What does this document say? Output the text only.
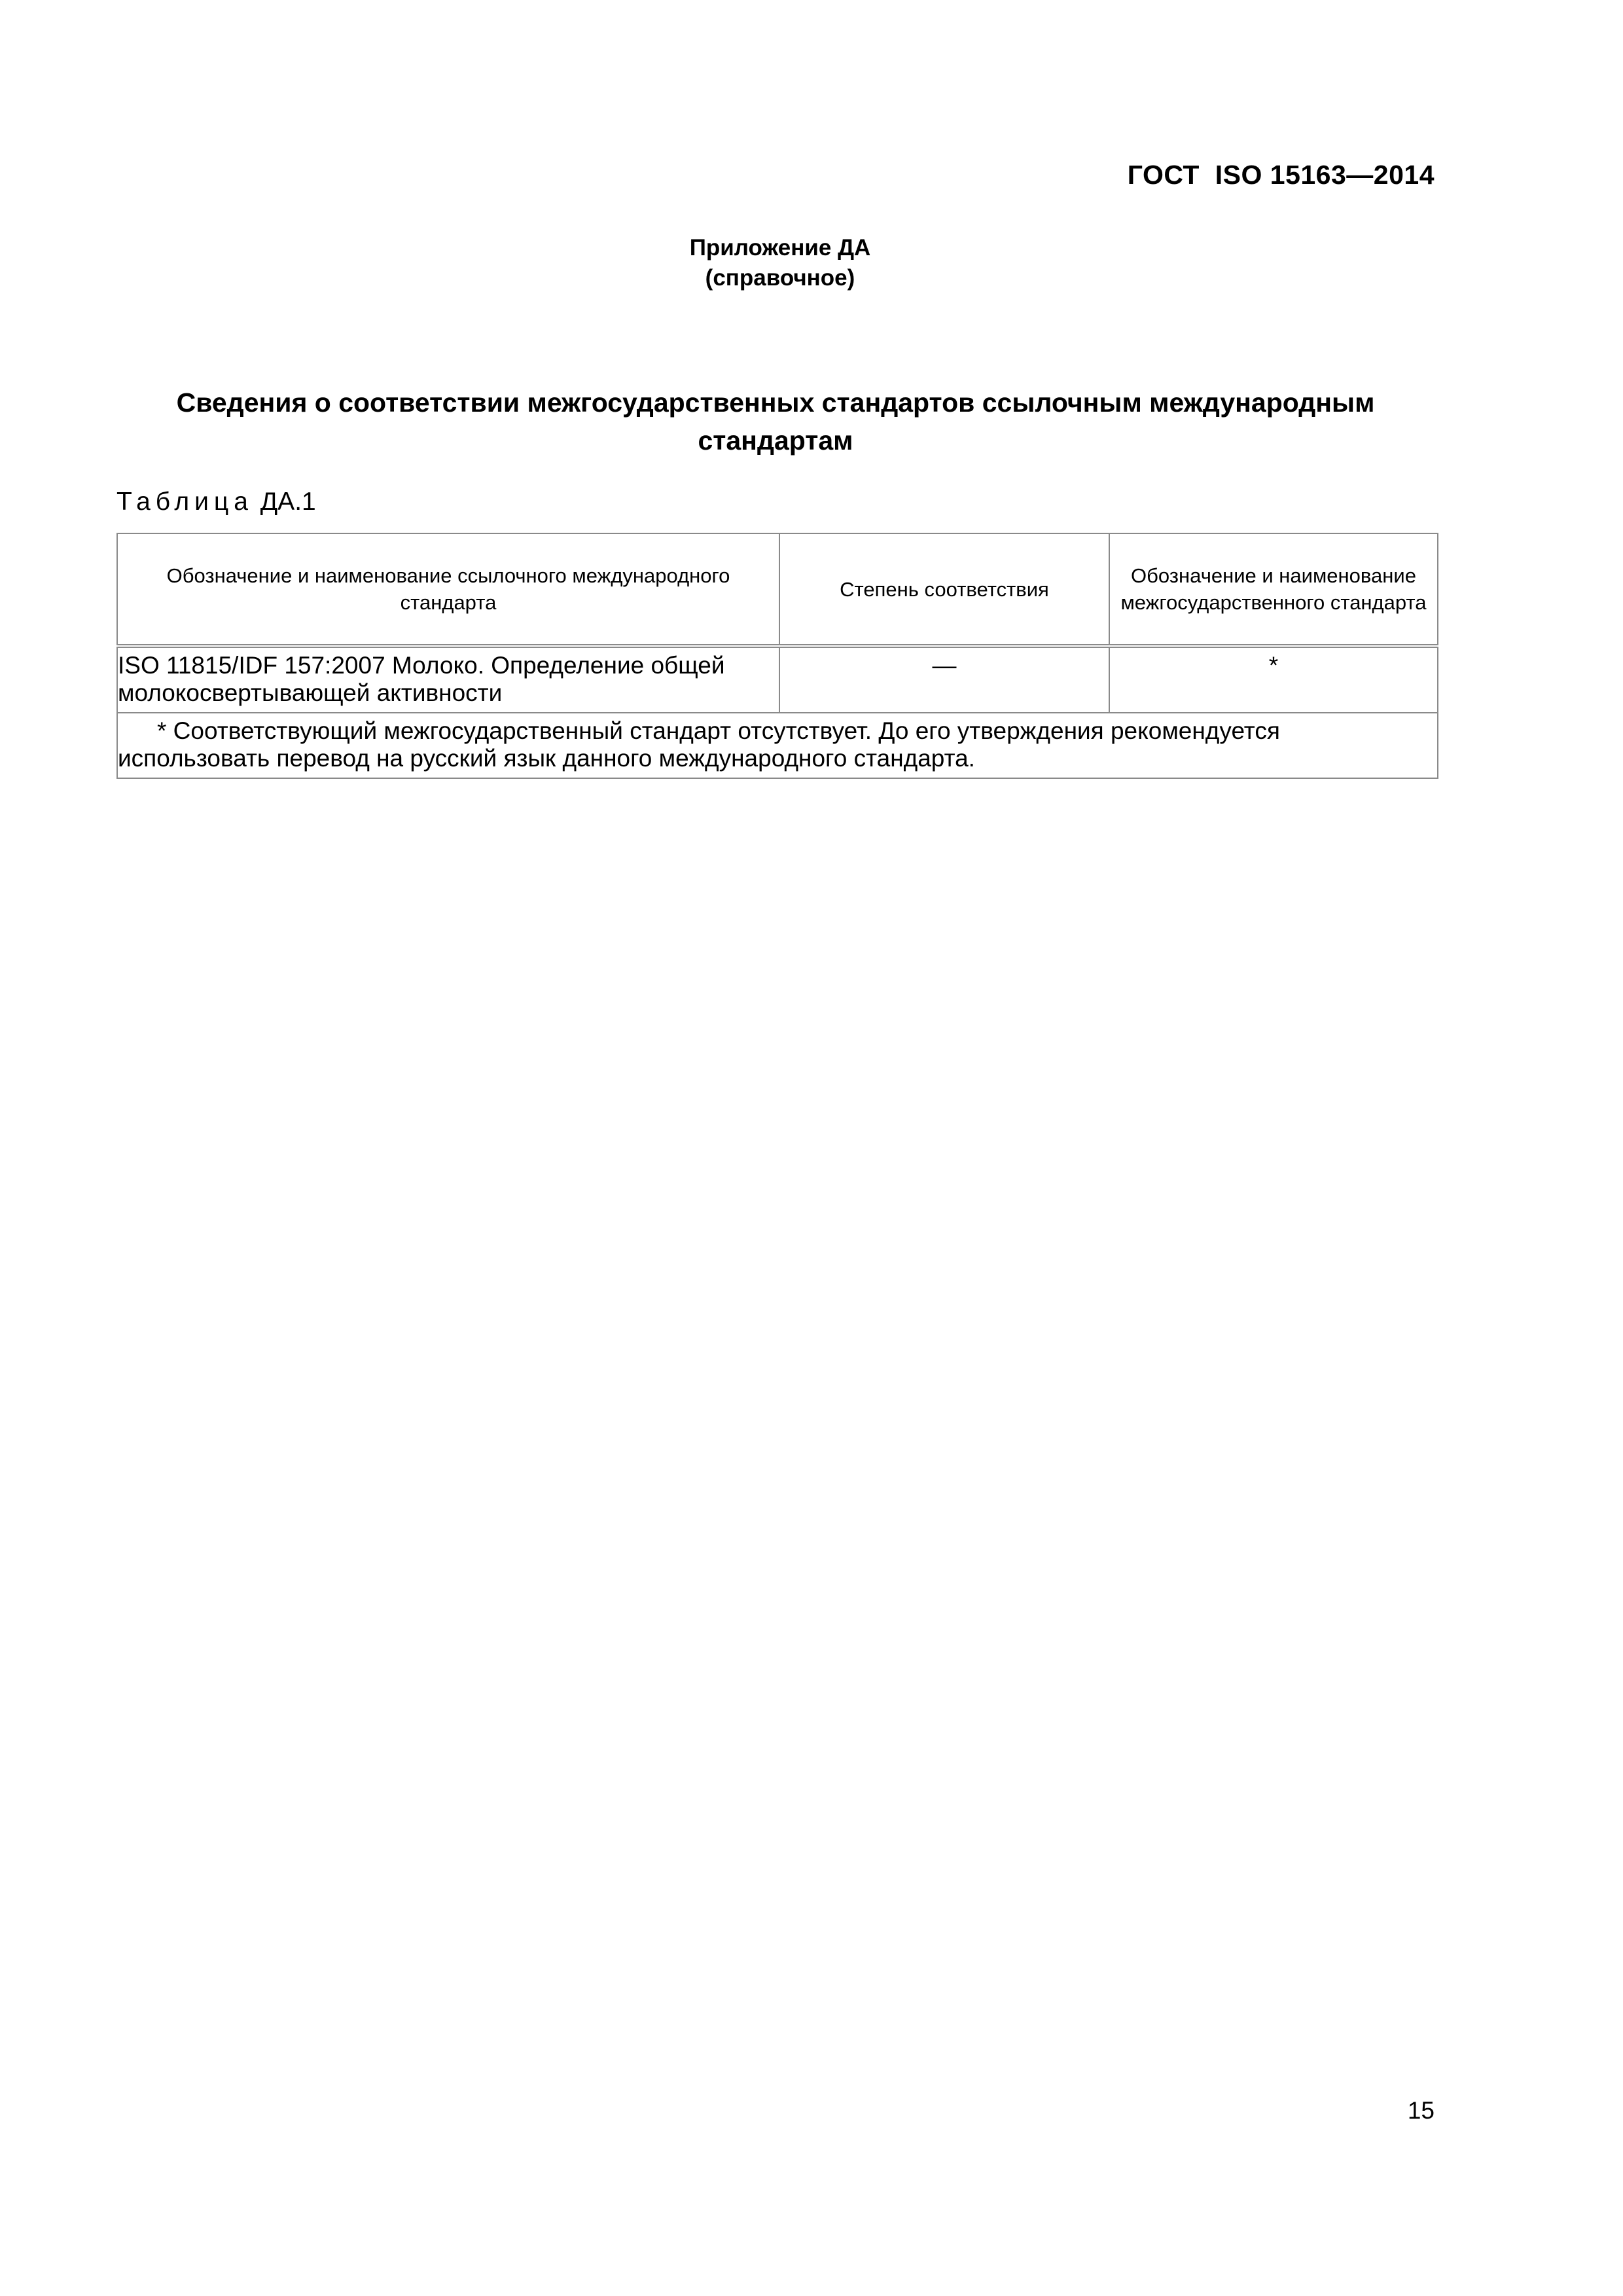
ГОСТ  ISO 15163—2014
Приложение ДА
(справочное)
Сведения о соответствии межгосударственных стандартов ссылочным международным стандартам
Таблица ДА.1
Обозначение и наименование ссылочного международного стандарта	Степень соответствия	Обозначение и наименование межгосударственного стандарта
ISO 11815/IDF 157:2007 Молоко. Определение общей молокосвертывающей активности	—	*
* Соответствующий межгосударственный стандарт отсутствует. До его утверждения рекомендуется использовать перевод на русский язык данного международного стандарта.		
15
